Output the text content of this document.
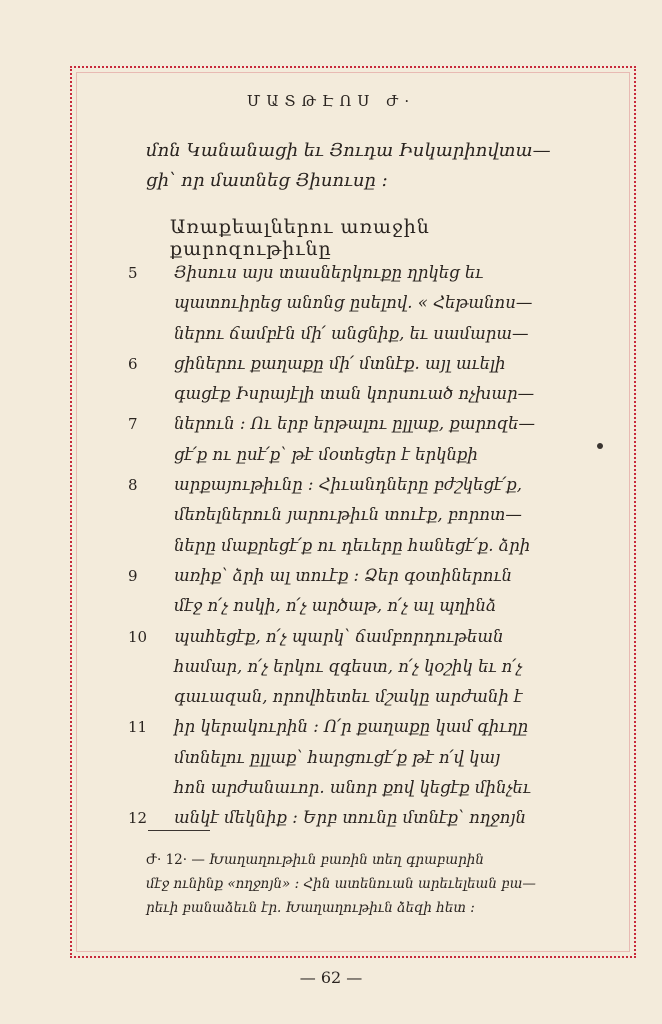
ՄԱՏԹԷՈՍ Ժ·
մոն Կանանացի եւ Յուդա Իսկարիովտա—
ցի՝ որ մատնեց Յիսուսը :
Առաքեալներու առաջին քարոզութիւնը
5 Յիսուս այս տասներկուքը ղրկեց եւ
պատուիրեց անոնց ըսելով. « Հեթանոս—
ներու ճամբէն մի՛ անցնիք, եւ սամարա—
6 ցիներու քաղաքը մի՛ մտնէք. այլ աւելի
գացէք Իսրայէլի տան կորսուած ոչխար—
7 ներուն : Ու երբ երթալու ըլլաք, քարոզե—
ցէ՛ք ու ըսէ՛ք՝ թէ մօտեցեր է երկնքի
8 արքայութիւնը : Հիւանդները բժշկեցէ՛ք,
մեռելներուն յարութիւն տուէք, բորոտ—
ները մաքրեցէ՛ք ու դեւերը հանեցէ՛ք. ձրի
9 առիք՝ ձրի ալ տուէք : Ձեր գօտիներուն
մէջ ո՛չ ոսկի, ո՛չ արծաթ, ո՛չ ալ պղինձ
10 պահեցէք, ո՛չ պարկ՝ ճամբորդութեան
համար, ո՛չ երկու զգեստ, ո՛չ կօշիկ եւ ո՛չ
գաւազան, որովհետեւ մշակը արժանի է
11 իր կերակուրին : Ո՛ր քաղաքը կամ գիւղը
մտնելու ըլլաք՝ հարցուցէ՛ք թէ ո՛վ կայ
հոն արժանաւոր. անոր քով կեցէք մինչեւ
12 անկէ մեկնիք : Երբ տունը մտնէք՝ ողջոյն
Ժ· 12· — Խաղաղութիւն բառին տեղ գրաբարին
մէջ ունինք «ողջոյն» : Հին ատենուան արեւելեան բա—
րեւի բանաձեւն էր. Խաղաղութիւն ձեզի հետ :
— 62 —
